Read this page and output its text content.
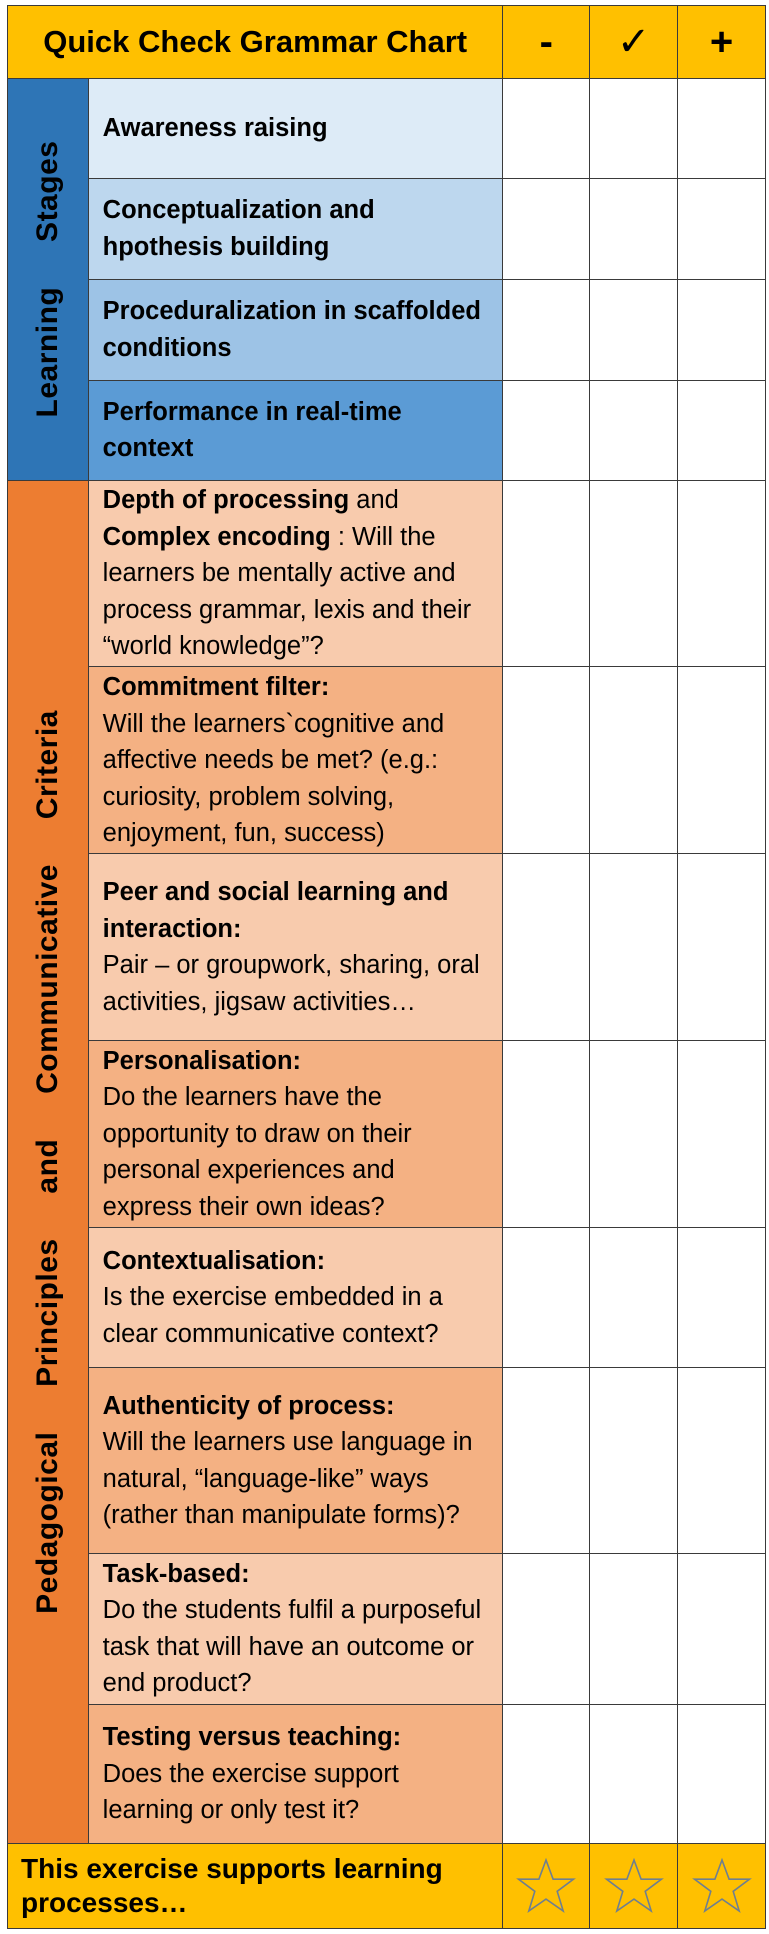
Quick Check Grammar Chart		-	✓	+

Learning Stages	Awareness raising			
	Conceptualization and hpothesis building			
	Proceduralization in scaffolded conditions			
	Performance in real-time context			

Pedagogical Principles and Communicative Criteria	Depth of processing and
Complex encoding : Will the learners be mentally active and process grammar, lexis and their “world knowledge”?			
	Commitment filter:
Will the learners`cognitive and affective needs be met? (e.g.: curiosity, problem solving, enjoyment, fun, success)			
	Peer and social learning and interaction:
Pair – or groupwork, sharing, oral activities, jigsaw activities…			
	Personalisation:
Do the learners have the opportunity to draw on their personal experiences and express their own ideas?			
	Contextualisation:
Is the exercise embedded in a clear communicative context?			
	Authenticity of process:
Will the learners use language in natural, “language-like” ways (rather than manipulate forms)?			
	Task-based:
Do the students fulfil a purposeful task that will have an outcome or end product?			
	Testing versus teaching:
Does the exercise support learning or only test it?			
This exercise supports learning processes…	
